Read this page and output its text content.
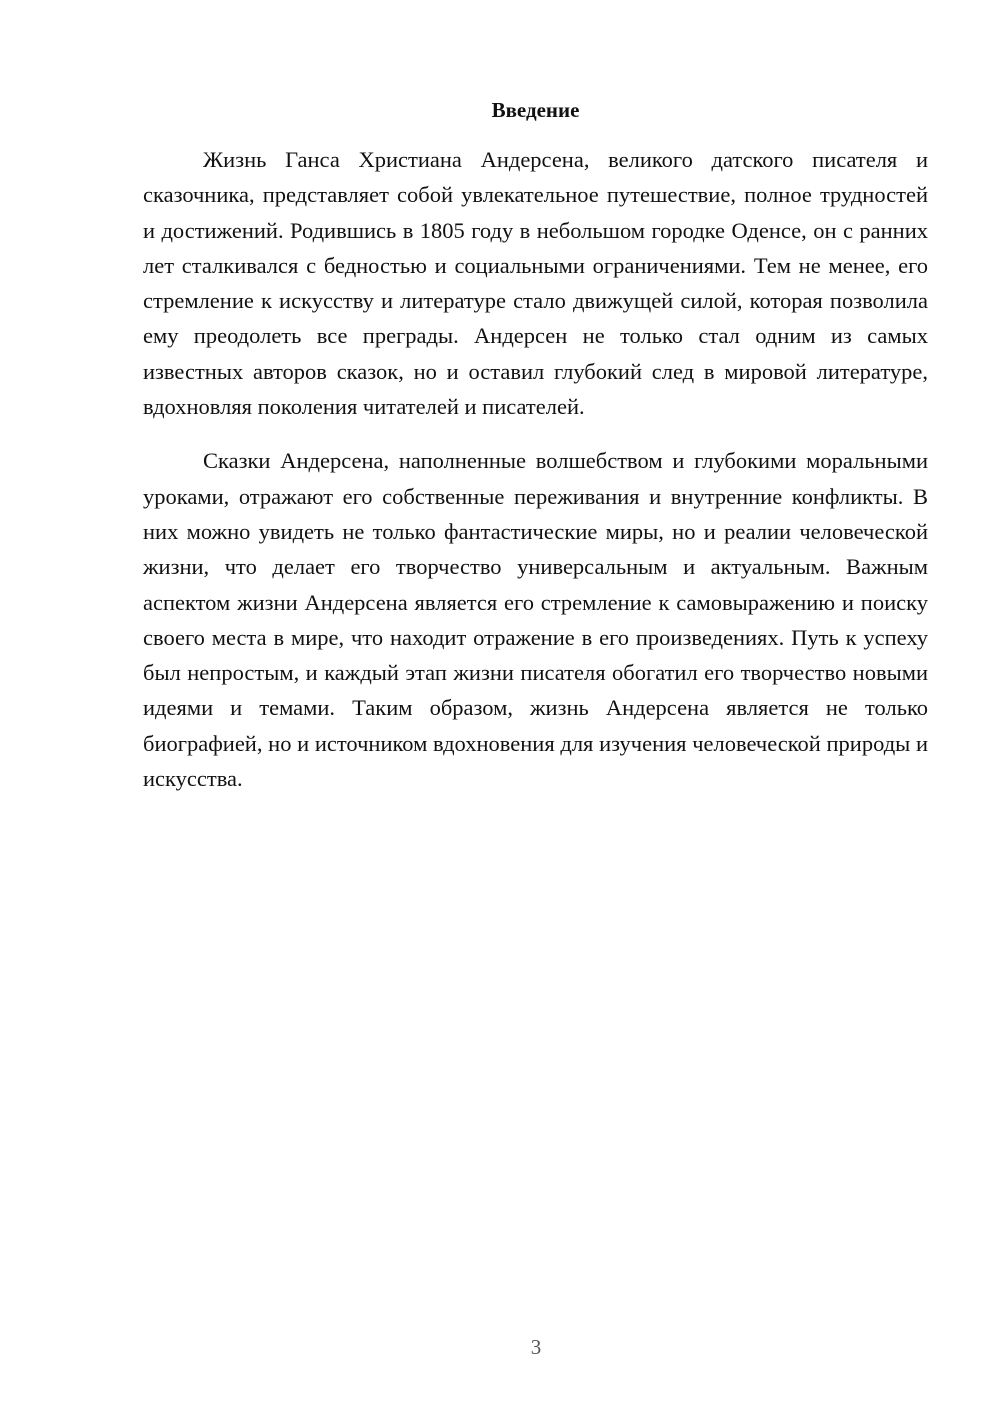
Введение

Жизнь Ганса Христиана Андерсена, великого датского писателя и сказочника, представляет собой увлекательное путешествие, полное трудностей и достижений. Родившись в 1805 году в небольшом городке Оденсе, он с ранних лет сталкивался с бедностью и социальными ограничениями. Тем не менее, его стремление к искусству и литературе стало движущей силой, которая позволила ему преодолеть все преграды. Андерсен не только стал одним из самых известных авторов сказок, но и оставил глубокий след в мировой литературе, вдохновляя поколения читателей и писателей.

Сказки Андерсена, наполненные волшебством и глубокими моральными уроками, отражают его собственные переживания и внутренние конфликты. В них можно увидеть не только фантастические миры, но и реалии человеческой жизни, что делает его творчество универсальным и актуальным. Важным аспектом жизни Андерсена является его стремление к самовыражению и поиску своего места в мире, что находит отражение в его произведениях. Путь к успеху был непростым, и каждый этап жизни писателя обогатил его творчество новыми идеями и темами. Таким образом, жизнь Андерсена является не только биографией, но и источником вдохновения для изучения человеческой природы и искусства.

3
